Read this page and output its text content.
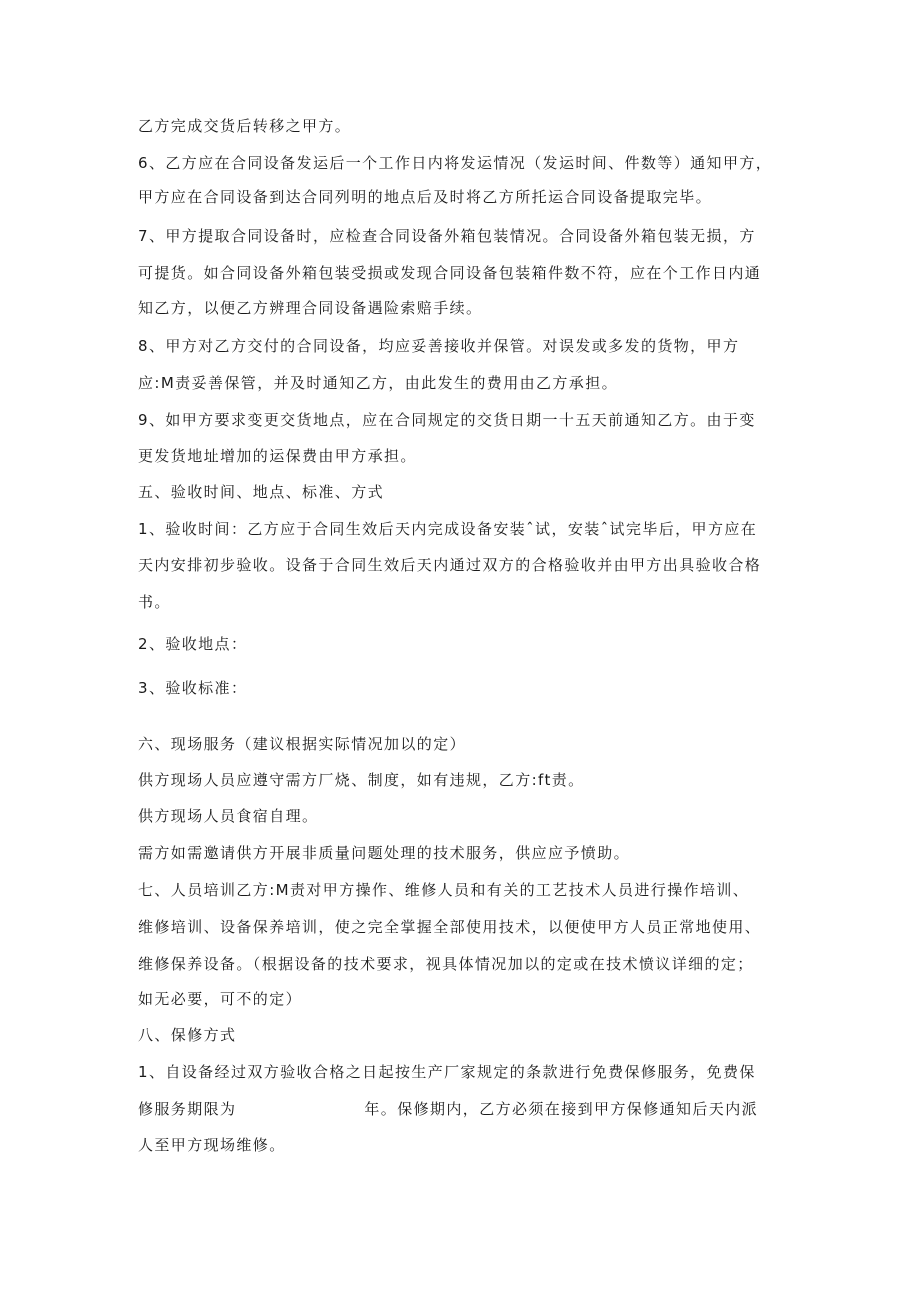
乙方完成交货后转移之甲方。
6、乙方应在合同设备发运后一个工作日内将发运情况（发运时间、件数等）通知甲方，
甲方应在合同设备到达合同列明的地点后及时将乙方所托运合同设备提取完毕。
7、甲方提取合同设备时，应检查合同设备外箱包装情况。合同设备外箱包装无损，方
可提货。如合同设备外箱包装受损或发现合同设备包装箱件数不符，应在个工作日内通
知乙方，以便乙方辨理合同设备遇险索赔手续。
8、甲方对乙方交付的合同设备，均应妥善接收并保管。对误发或多发的货物，甲方
应:M责妥善保管，并及时通知乙方，由此发生的费用由乙方承担。
9、如甲方要求变更交货地点，应在合同规定的交货日期一十五天前通知乙方。由于变
更发货地址增加的运保费由甲方承担。
五、验收时间、地点、标准、方式
1、验收时间：乙方应于合同生效后天内完成设备安装ˆ试，安装ˆ试完毕后，甲方应在
天内安排初步验收。设备于合同生效后天内通过双方的合格验收并由甲方出具验收合格
书。
2、验收地点：
3、验收标准：
六、现场服务（建议根据实际情况加以的定）
供方现场人员应遵守需方厂烧、制度，如有违规，乙方:ft责。
供方现场人员食宿自理。
需方如需邀请供方开展非质量问题处理的技术服务，供应应予愤助。
七、人员培训乙方:M责对甲方操作、维修人员和有关的工艺技术人员进行操作培训、
维修培训、设备保养培训，使之完全掌握全部使用技术，以便使甲方人员正常地使用、
维修保养设备。（根据设备的技术要求，视具体情况加以的定或在技术愤议详细的定；
如无必要，可不的定）
八、保修方式
1、自设备经过双方验收合格之日起按生产厂家规定的条款进行免费保修服务，免费保
修服务期限为	年。保修期内，乙方必须在接到甲方保修通知后天内派
人至甲方现场维修。
